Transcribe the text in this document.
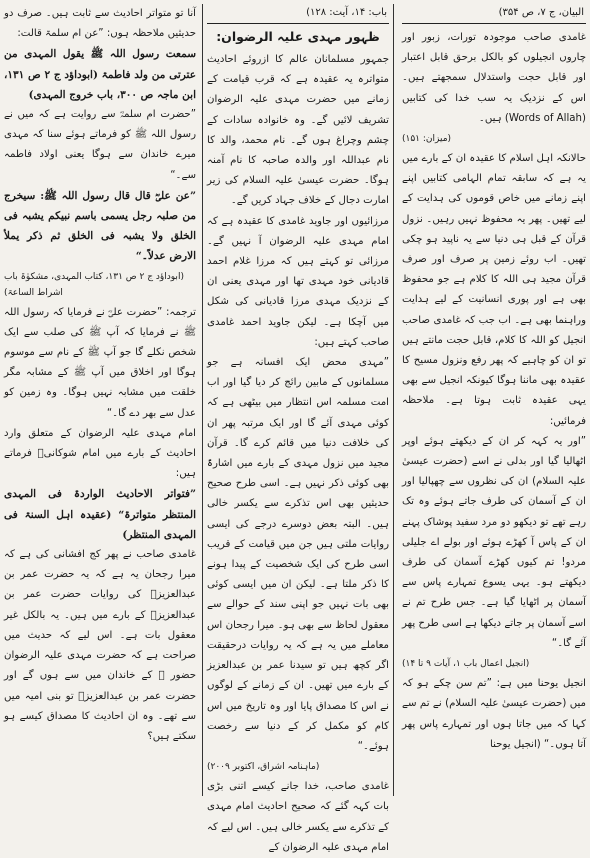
البیان، ج ۷، ص ۳۵۴)

غامدی صاحب موجودہ تورات، زبور اور چاروں انجیلوں کو بالکل برحق قابل اعتبار اور قابل حجت واستدلال سمجھتے ہیں۔ اس کے نزدیک یہ سب خدا کی کتابیں (Words of Allah) ہیں۔

(میزان: ۱۵۱)

حالانکہ اہل اسلام کا عقیدہ ان کے بارے میں یہ ہے کہ سابقہ تمام الہامی کتابیں اپنے اپنے زمانے میں خاص قوموں کی ہدایت کے لیے تھیں۔ پھر یہ محفوظ نہیں رہیں۔ نزول قرآن کے قبل ہی دنیا سے یہ ناپید ہو چکی تھیں۔ اب روئے زمین پر صرف اور صرف قرآن مجید ہی اللہ کا کلام ہے جو محفوظ بھی ہے اور پوری انسانیت کے لیے ہدایت وراہنما بھی ہے۔ اب جب کہ غامدی صاحب انجیل کو اللہ کا کلام، قابل حجت مانتے ہیں تو ان کو چاہیے کہ پھر رفع ونزول مسیح کا عقیدہ بھی ماننا ہوگا کیونکہ انجیل سے بھی یہی عقیدہ ثابت ہوتا ہے۔ ملاحظہ فرمائیں:

”اور یہ کہہ کر ان کے دیکھتے ہوئے اوپر اٹھالیا گیا اور بدلی نے اسے (حضرت عیسیٰ علیہ السلام) ان کی نظروں سے چھپالیا اور ان کے آسمان کی طرف جاتے ہوئے وہ تک رہے تھے تو دیکھو دو مرد سفید پوشاک پہنے ان کے پاس آ کھڑے ہوئے اور بولے اے جلیلی مردو! تم کیوں کھڑے آسمان کی طرف دیکھتے ہو۔ یہی یسوع تمہارے پاس سے آسمان پر اٹھایا گیا ہے۔ جس طرح تم نے اسے آسمان پر جاتے دیکھا ہے اسی طرح پھر آئے گا۔“

(انجیل اعمال باب ۱، آیات ۹ تا ۱۴)

انجیل یوحنا میں ہے: ”تم سن چکے ہو کہ میں (حضرت عیسیٰ علیہ السلام) نے تم سے کہا کہ میں جاتا ہوں اور تمہارے پاس پھر آتا ہوں۔“ (انجیل یوحنا

باب: ۱۴، آیت: ۱۲۸)
ظہور مہدی علیہ الرضوان:

جمہور مسلمانان عالم کا ازروئے احادیث متواترہ یہ عقیدہ ہے کہ قرب قیامت کے زمانے میں حضرت مہدی علیہ الرضوان تشریف لائیں گے۔ وہ خانوادہ سادات کے چشم وچراغ ہوں گے۔ نام محمد، والد کا نام عبداللہ اور والدہ صاحبہ کا نام آمنہ ہوگا۔ حضرت عیسیٰ علیہ السلام کی زیر امارت دجال کے خلاف جہاد کریں گے۔

مرزائیوں اور جاوید غامدی کا عقیدہ ہے کہ امام مہدی علیہ الرضوان آ نہیں گے۔ مرزائی تو کہتے ہیں کہ مرزا غلام احمد قادیانی خود مہدی تھا اور مہدی یعنی ان کے نزدیک مہدی مرزا قادیانی کی شکل میں آچکا ہے۔ لیکن جاوید احمد غامدی صاحب کہتے ہیں:

”مہدی محض ایک افسانہ ہے جو مسلمانوں کے مابین رائج کر دیا گیا اور اب امت مسلمہ اس انتظار میں بیٹھی ہے کہ کوئی مہدی آئے گا اور ایک مرتبہ پھر ان کی خلافت دنیا میں قائم کرے گا۔ قرآن مجید میں نزول مہدی کے بارے میں اشارۃً بھی کوئی ذکر نہیں ہے۔ اسی طرح صحیح حدیثیں بھی اس تذکرے سے یکسر خالی ہیں۔ البتہ بعض دوسرے درجے کی ایسی روایات ملتی ہیں جن میں قیامت کے قریب اسی طرح کی ایک شخصیت کے پیدا ہونے کا ذکر ملتا ہے۔ لیکن ان میں ایسی کوئی بھی بات نہیں جو اپنی سند کے حوالے سے معقول لحاظ سے بھی ہو۔ میرا رجحان اس معاملے میں یہ ہے کہ یہ روایات درحقیقت اگر کچھ ہیں تو سیدنا عمر بن عبدالعزیز کے بارے میں تھیں۔ ان کے زمانے کے لوگوں نے اس کا مصداق پایا اور وہ تاریخ میں اس کام کو مکمل کر کے دنیا سے رخصت ہوئے۔“

(ماہنامہ اشراق، اکتوبر ۲۰۰۹)

غامدی صاحب، خدا جانے کیسے اتنی بڑی بات کہہ گئے کہ صحیح احادیث امام مہدی کے تذکرے سے یکسر خالی ہیں۔ اس لیے کہ امام مہدی علیہ الرضوان کے

آنا تو متواتر احادیث سے ثابت ہیں۔ صرف دو حدیثیں ملاحظہ ہوں: ”عن ام سلمۃ قالت:

سمعت رسول اللہ ﷺ یقول المہدی من عترتی من ولد فاطمۃ (ابوداؤد ج ۲ ص ۱۳۱، ابن ماجہ ص ۳۰۰، باب خروج المہدی)

”حضرت ام سلمہؓ سے روایت ہے کہ میں نے رسول اللہ ﷺ کو فرماتے ہوئے سنا کہ مہدی میرے خاندان سے ہوگا یعنی اولاد فاطمہ سے۔“

”عن علیؓ قال قال رسول اللہ ﷺ: سیخرج من صلبہ رجل یسمی باسم نبیکم یشبہ فی الخلق ولا یشبہ فی الخلق ثم ذکر یملأ الارض عدلاً۔“

(ابوداؤد ج ۲ ص ۱۳۱، کتاب المہدی، مشکوٰۃ باب اشراط الساعۃ)

ترجمہ: ”حضرت علیؓ نے فرمایا کہ رسول اللہ ﷺ نے فرمایا کہ آپ ﷺ کی صلب سے ایک شخص نکلے گا جو آپ ﷺ کے نام سے موسوم ہوگا اور اخلاق میں آپ ﷺ کے مشابہ مگر خلقت میں مشابہ نہیں ہوگا۔ وہ زمین کو عدل سے بھر دے گا۔“

امام مہدی علیہ الرضوان کے متعلق وارد احادیث کے بارے میں امام شوکانیؒ فرماتے ہیں:

”فتواتر الاحادیث الواردۃ فی المہدی المنتظر متواترۃ“ (عقیدہ اہل السنۃ فی المہدی المنتظر)

غامدی صاحب نے پھر کج افشانی کی ہے کہ میرا رجحان یہ ہے کہ یہ حضرت عمر بن عبدالعزیزؒ کی روایات حضرت عمر بن عبدالعزیزؒ کے بارے میں ہیں۔ یہ بالکل غیر معقول بات ہے۔ اس لیے کہ حدیث میں صراحت ہے کہ حضرت مہدی علیہ الرضوان حضور ﷺ کے خاندان میں سے ہوں گے اور حضرت عمر بن عبدالعزیزؒ تو بنی امیہ میں سے تھے۔ وہ ان احادیث کا مصداق کیسے ہو سکتے ہیں؟
